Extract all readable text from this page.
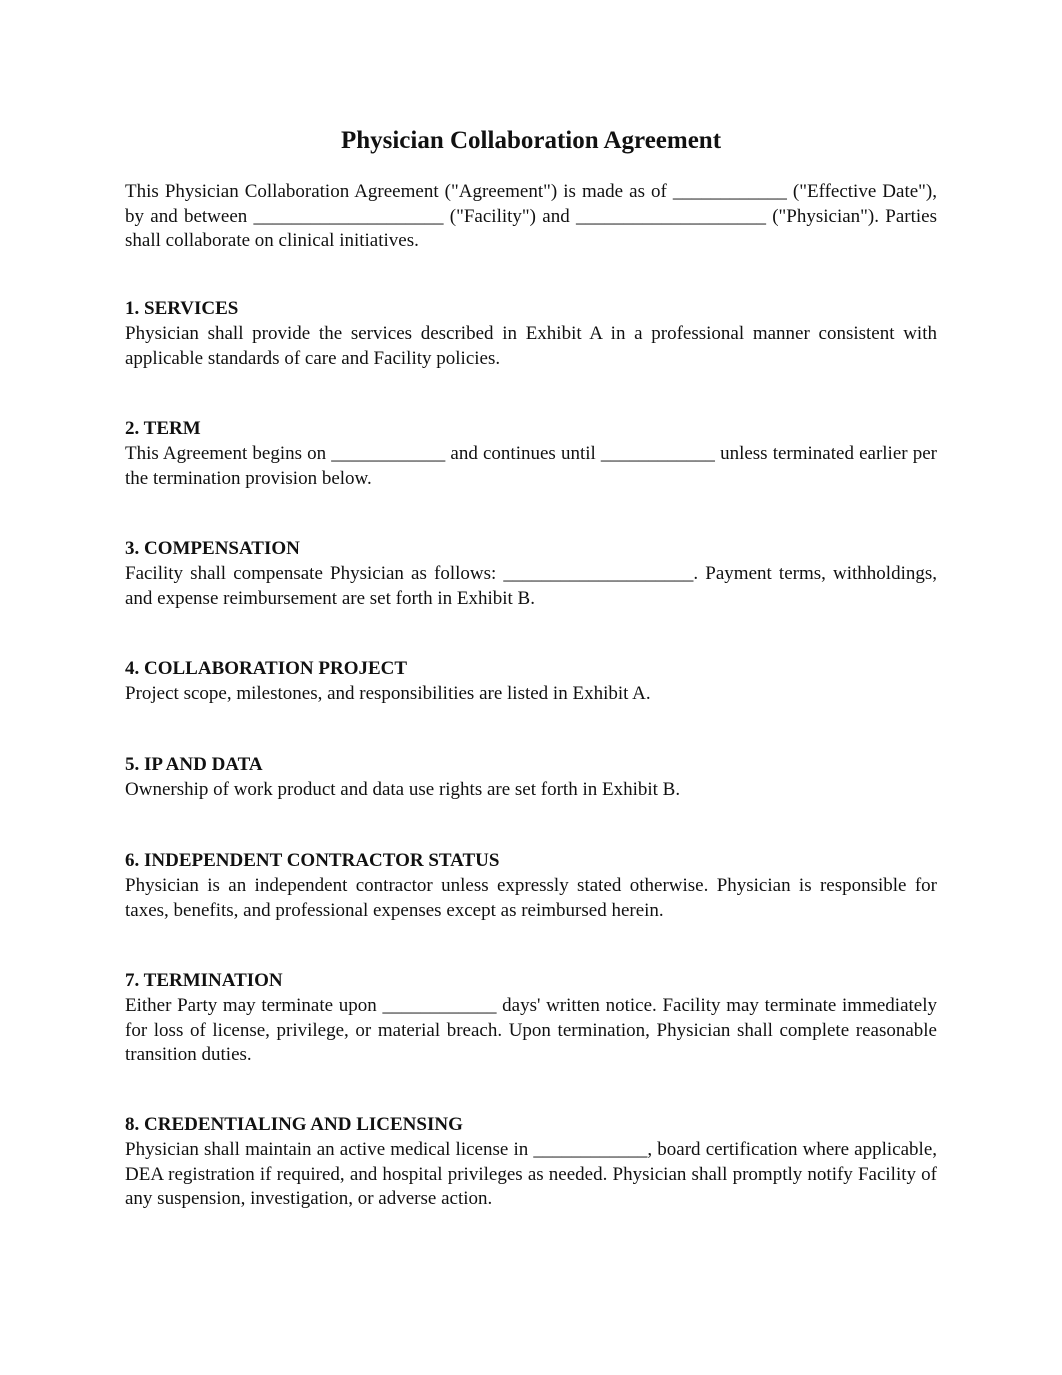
Physician Collaboration Agreement

This Physician Collaboration Agreement ("Agreement") is made as of ____________ ("Effective Date"), by and between ____________________ ("Facility") and ____________________ ("Physician"). Parties shall collaborate on clinical initiatives.

1. SERVICES

Physician shall provide the services described in Exhibit A in a professional manner consistent with applicable standards of care and Facility policies.

2. TERM

This Agreement begins on ____________ and continues until ____________ unless terminated earlier per the termination provision below.

3. COMPENSATION

Facility shall compensate Physician as follows: ____________________. Payment terms, withholdings, and expense reimbursement are set forth in Exhibit B.

4. COLLABORATION PROJECT

Project scope, milestones, and responsibilities are listed in Exhibit A.

5. IP AND DATA

Ownership of work product and data use rights are set forth in Exhibit B.

6. INDEPENDENT CONTRACTOR STATUS

Physician is an independent contractor unless expressly stated otherwise. Physician is responsible for taxes, benefits, and professional expenses except as reimbursed herein.

7. TERMINATION

Either Party may terminate upon ____________ days' written notice. Facility may terminate immediately for loss of license, privilege, or material breach. Upon termination, Physician shall complete reasonable transition duties.

8. CREDENTIALING AND LICENSING

Physician shall maintain an active medical license in ____________, board certification where applicable, DEA registration if required, and hospital privileges as needed. Physician shall promptly notify Facility of any suspension, investigation, or adverse action.
